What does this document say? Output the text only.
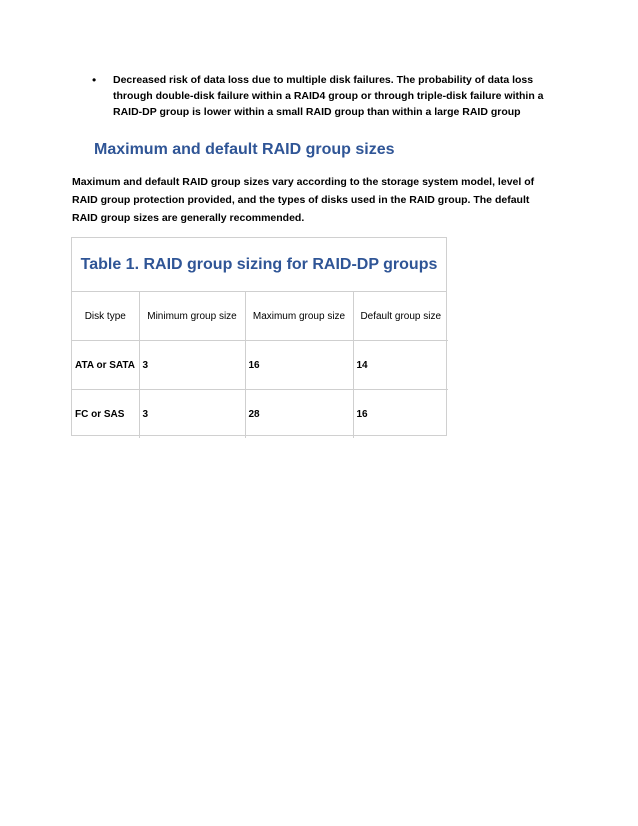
• Decreased risk of data loss due to multiple disk failures. The probability of data loss through double-disk failure within a RAID4 group or through triple-disk failure within a RAID-DP group is lower within a small RAID group than within a large RAID group
Maximum and default RAID group sizes
Maximum and default RAID group sizes vary according to the storage system model, level of RAID group protection provided, and the types of disks used in the RAID group. The default RAID group sizes are generally recommended.
Table 1. RAID group sizing for RAID-DP groups
Disk type	Minimum group size	Maximum group size	Default group size
ATA or SATA	3	16	14
FC or SAS	3	28	16
